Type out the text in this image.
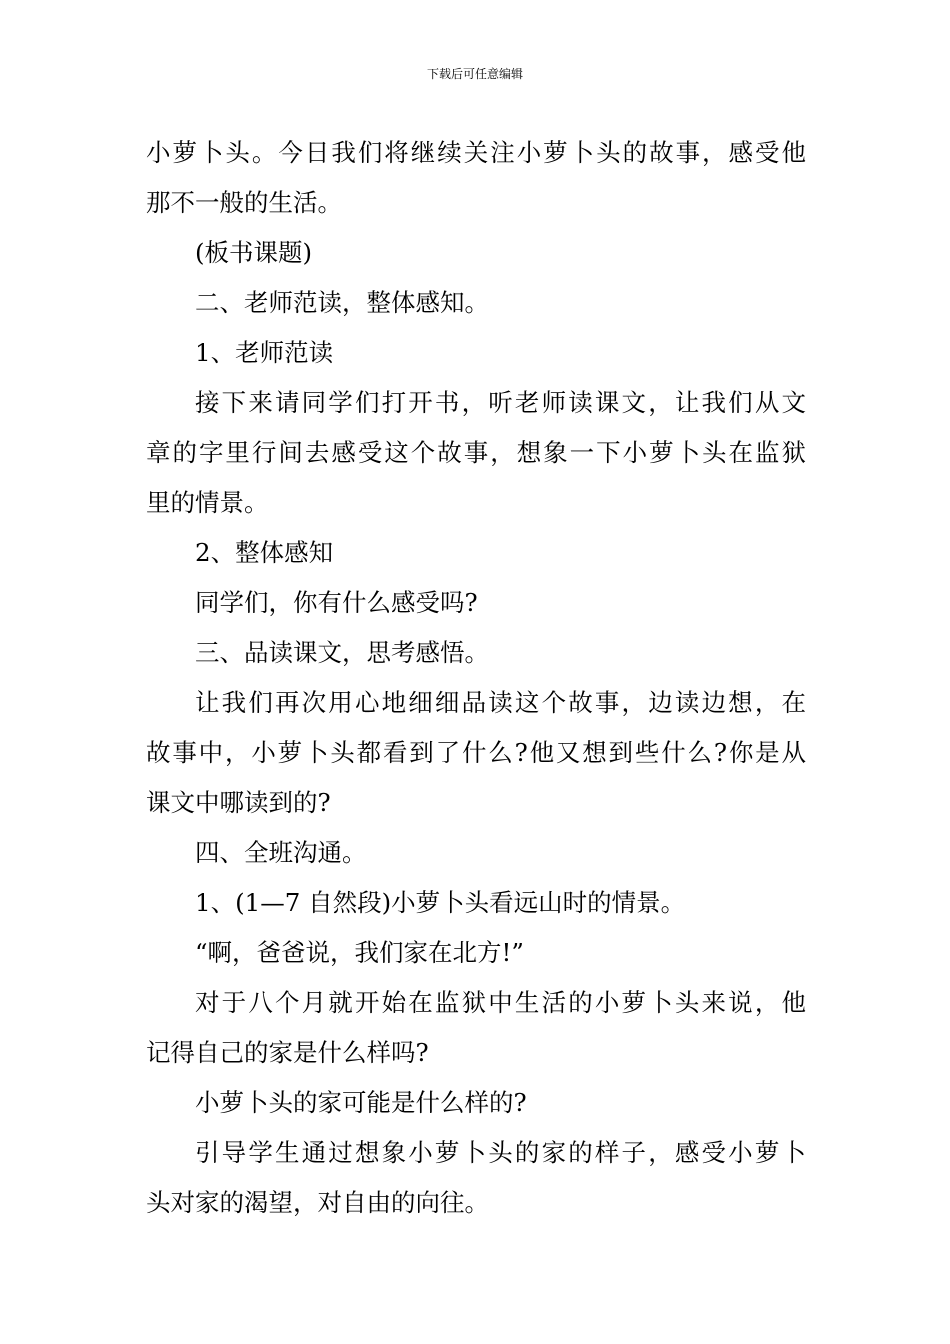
下载后可任意编辑
小萝卜头。今日我们将继续关注小萝卜头的故事，感受他
那不一般的生活。
(板书课题)
二、老师范读，整体感知。
1、老师范读
接下来请同学们打开书，听老师读课文，让我们从文
章的字里行间去感受这个故事，想象一下小萝卜头在监狱
里的情景。
2、整体感知
同学们，你有什么感受吗?
三、品读课文，思考感悟。
让我们再次用心地细细品读这个故事，边读边想，在
故事中，小萝卜头都看到了什么?他又想到些什么?你是从
课文中哪读到的?
四、全班沟通。
1、(1—7 自然段)小萝卜头看远山时的情景。
“啊，爸爸说，我们家在北方!”
对于八个月就开始在监狱中生活的小萝卜头来说，他
记得自己的家是什么样吗?
小萝卜头的家可能是什么样的?
引导学生通过想象小萝卜头的家的样子，感受小萝卜
头对家的渴望，对自由的向往。
